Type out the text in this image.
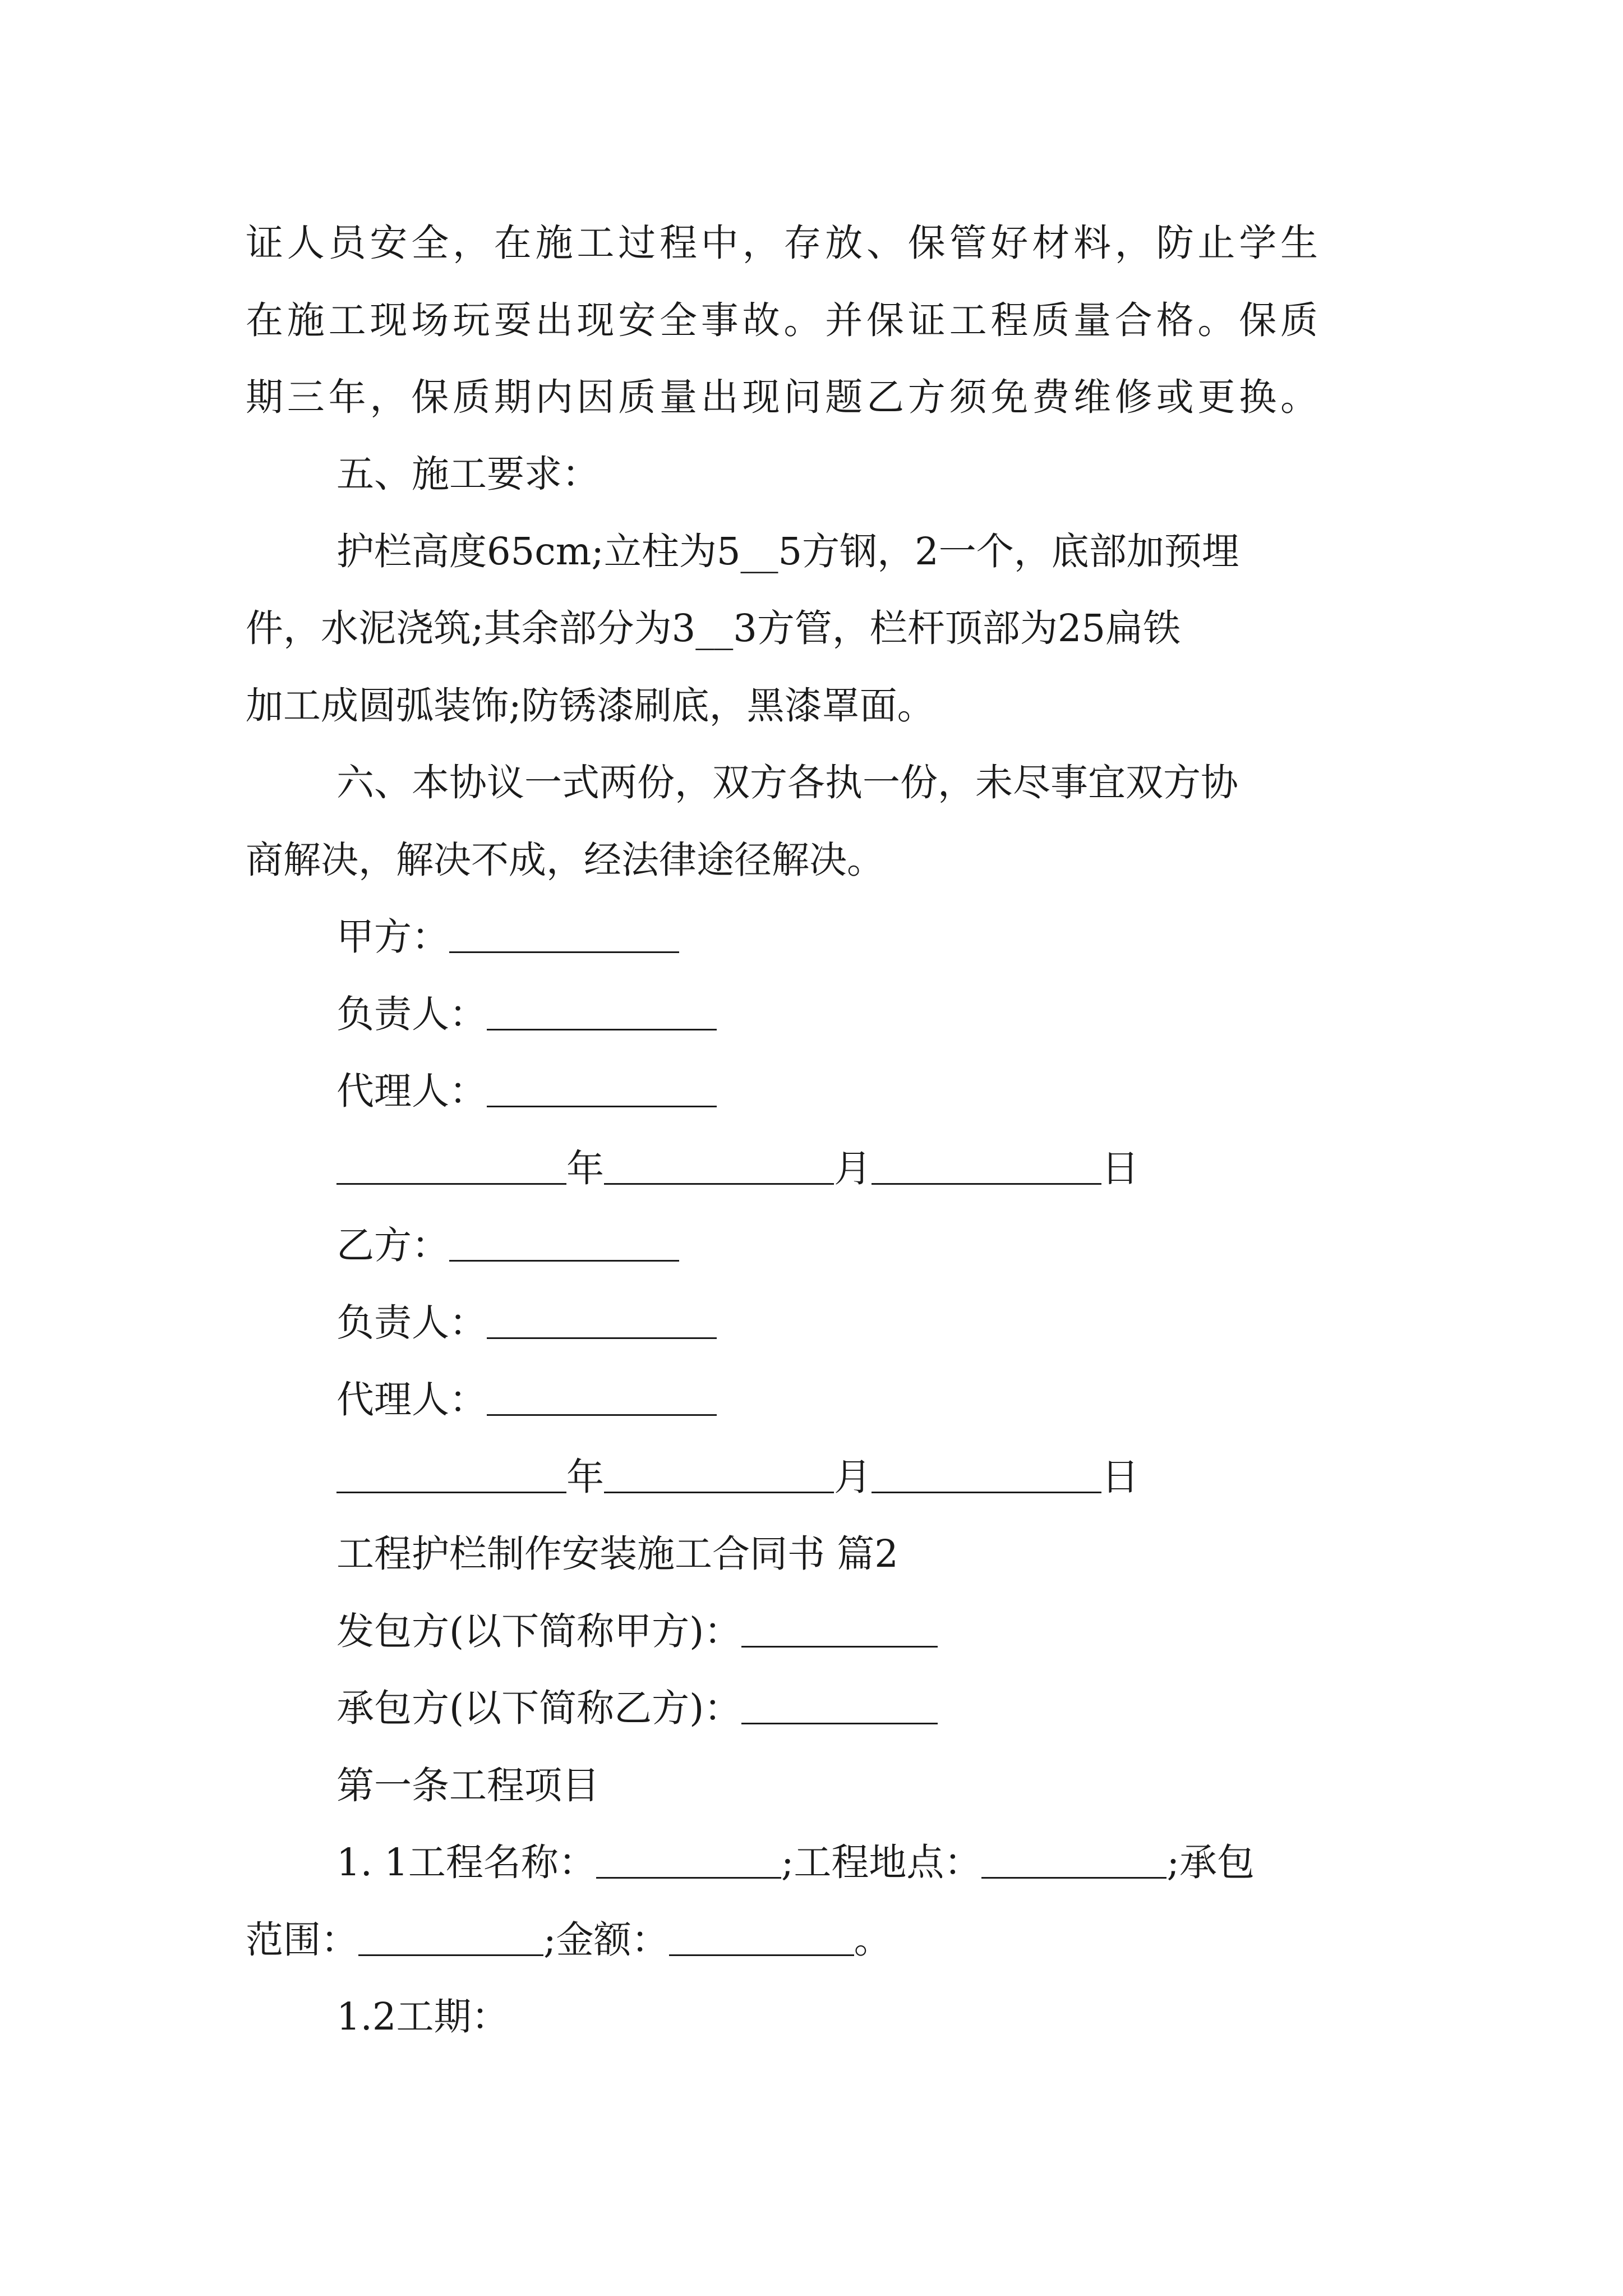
证人员安全，在施工过程中，存放、保管好材料，防止学生

在施工现场玩耍出现安全事故。并保证工程质量合格。保质

期三年，保质期内因质量出现问题乙方须免费维修或更换。

五、施工要求：

护栏高度65cm;立柱为5__5方钢，2一个，底部加预埋

件，水泥浇筑;其余部分为3__3方管，栏杆顶部为25扁铁

加工成圆弧装饰;防锈漆刷底，黑漆罩面。

六、本协议一式两份，双方各执一份，未尽事宜双方协

商解决，解决不成，经法律途径解决。

甲方：

负责人：

代理人：

年	月	日

乙方：

负责人：

代理人：

年	月	日

工程护栏制作安装施工合同书 篇2

发包方(以下简称甲方)：

承包方(以下简称乙方)：

第一条工程项目

1. 1工程名称：	;工程地点：	;承包

范围：	;金额：	。

1.2工期：
